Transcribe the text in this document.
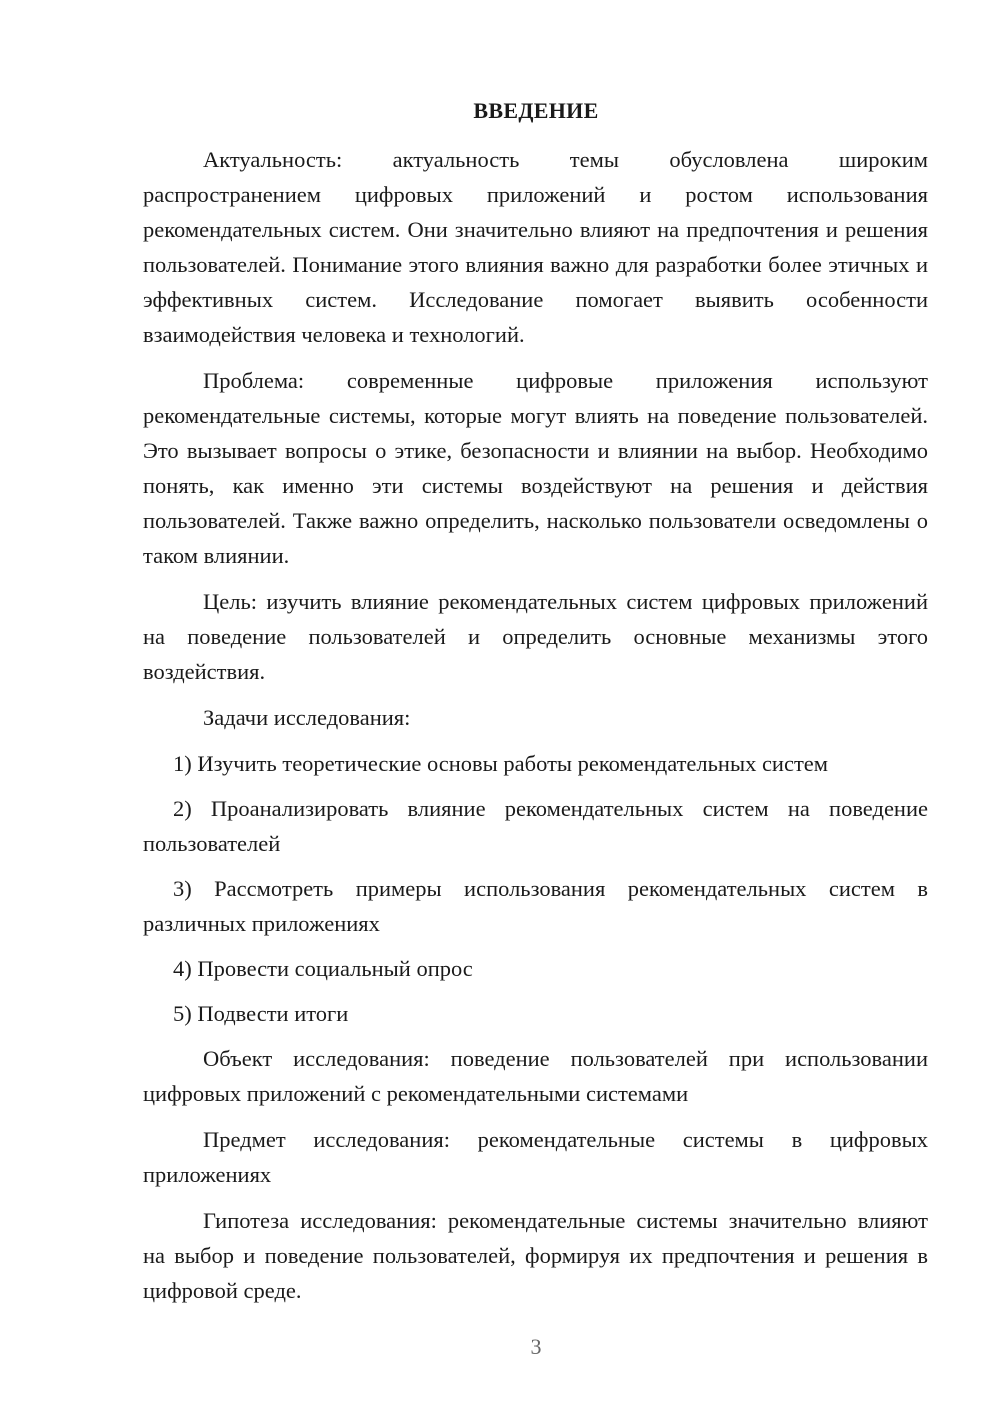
ВВЕДЕНИЕ

Актуальность: актуальность темы обусловлена широким распространением цифровых приложений и ростом использования рекомендательных систем. Они значительно влияют на предпочтения и решения пользователей. Понимание этого влияния важно для разработки более этичных и эффективных систем. Исследование помогает выявить особенности взаимодействия человека и технологий.

Проблема: современные цифровые приложения используют рекомендательные системы, которые могут влиять на поведение пользователей. Это вызывает вопросы о этике, безопасности и влиянии на выбор. Необходимо понять, как именно эти системы воздействуют на решения и действия пользователей. Также важно определить, насколько пользователи осведомлены о таком влиянии.

Цель: изучить влияние рекомендательных систем цифровых приложений на поведение пользователей и определить основные механизмы этого воздействия.

Задачи исследования:

1) Изучить теоретические основы работы рекомендательных систем

2) Проанализировать влияние рекомендательных систем на поведение пользователей

3) Рассмотреть примеры использования рекомендательных систем в различных приложениях

4) Провести социальный опрос

5) Подвести итоги

Объект исследования: поведение пользователей при использовании цифровых приложений с рекомендательными системами

Предмет исследования: рекомендательные системы в цифровых приложениях

Гипотеза исследования: рекомендательные системы значительно влияют на выбор и поведение пользователей, формируя их предпочтения и решения в цифровой среде.

3
